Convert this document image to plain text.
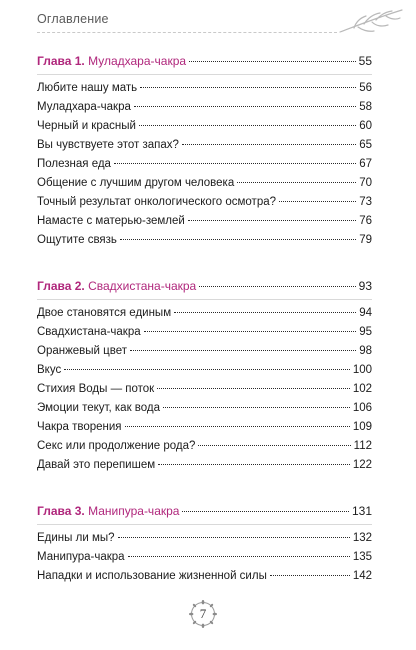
Оглавление
Глава 1. Муладхара-чакра	55
Любите нашу мать	56
Муладхара-чакра	58
Черный и красный	60
Вы чувствуете этот запах?	65
Полезная еда	67
Общение с лучшим другом человека	70
Точный результат онкологического осмотра?	73
Намасте с матерью-землей	76
Ощутите связь	79
Глава 2. Свадхистана-чакра	93
Двое становятся единым	94
Свадхистана-чакра	95
Оранжевый цвет	98
Вкус	100
Стихия Воды — поток	102
Эмоции текут, как вода	106
Чакра творения	109
Секс или продолжение рода?	112
Давай это перепишем	122
Глава 3. Манипура-чакра	131
Едины ли мы?	132
Манипура-чакра	135
Нападки и использование жизненной силы	142
7
